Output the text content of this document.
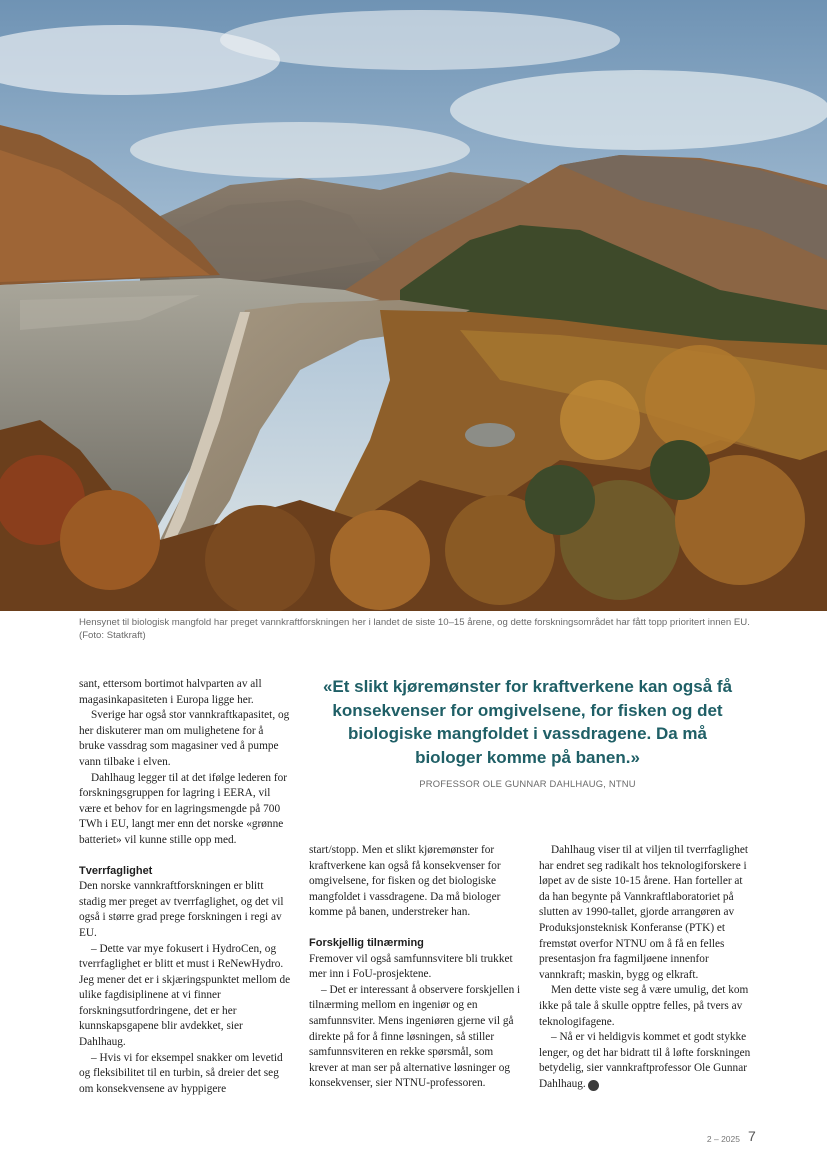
Hensynet til biologisk mangfold har preget vannkraftforskningen her i landet de siste 10–15 årene, og dette forskningsområdet har fått topp prioritert innen EU. (Foto: Statkraft)
«Et slikt kjøremønster for kraftverkene kan også få konsekvenser for omgivelsene, for fisken og det biologiske mangfoldet i vassdragene. Da må biologer komme på banen.»
PROFESSOR OLE GUNNAR DAHLHAUG, NTNU

sant, ettersom bortimot halvparten av all magasinkapasiteten i Europa ligge her.

Sverige har også stor vannkraftkapasitet, og her diskuterer man om mulighetene for å bruke vassdrag som magasiner ved å pumpe vann tilbake i elven.

Dahlhaug legger til at det ifølge lederen for forskningsgruppen for lagring i EERA, vil være et behov for en lagringsmengde på 700 TWh i EU, langt mer enn det norske «grønne batteriet» vil kunne stille opp med.

Tverrfaglighet

Den norske vannkraftforskningen er blitt stadig mer preget av tverrfaglighet, og det vil også i større grad prege forskningen i regi av EU.

– Dette var mye fokusert i HydroCen, og tverrfaglighet er blitt et must i ReNewHydro. Jeg mener det er i skjæringspunktet mellom de ulike fagdisiplinene at vi finner forskningsutfordringene, det er her kunnskapsgapene blir avdekket, sier Dahlhaug.

– Hvis vi for eksempel snakker om levetid og fleksibilitet til en turbin, så dreier det seg om konsekvensene av hyppigere

start/stopp. Men et slikt kjøremønster for kraftverkene kan også få konsekvenser for omgivelsene, for fisken og det biologiske mangfoldet i vassdragene. Da må biologer komme på banen, understreker han.

Forskjellig tilnærming

Fremover vil også samfunnsvitere bli trukket mer inn i FoU-prosjektene.

– Det er interessant å observere forskjellen i tilnærming mellom en ingeniør og en samfunnsviter. Mens ingeniøren gjerne vil gå direkte på for å finne løsningen, så stiller samfunnsviteren en rekke spørsmål, som krever at man ser på alternative løsninger og konsekvenser, sier NTNU-professoren.

Dahlhaug viser til at viljen til tverrfaglighet har endret seg radikalt hos teknologiforskere i løpet av de siste 10-15 årene. Han forteller at da han begynte på Vannkraftlaboratoriet på slutten av 1990-tallet, gjorde arrangøren av Produksjonsteknisk Konferanse (PTK) et fremstøt overfor NTNU om å få en felles presentasjon fra fagmiljøene innenfor vannkraft; maskin, bygg og elkraft.

Men dette viste seg å være umulig, det kom ikke på tale å skulle opptre felles, på tvers av teknologifagene.

– Nå er vi heldigvis kommet et godt stykke lenger, og det har bidratt til å løfte forskningen betydelig, sier vannkraftprofessor Ole Gunnar Dahlhaug. e

2 – 2025 7
